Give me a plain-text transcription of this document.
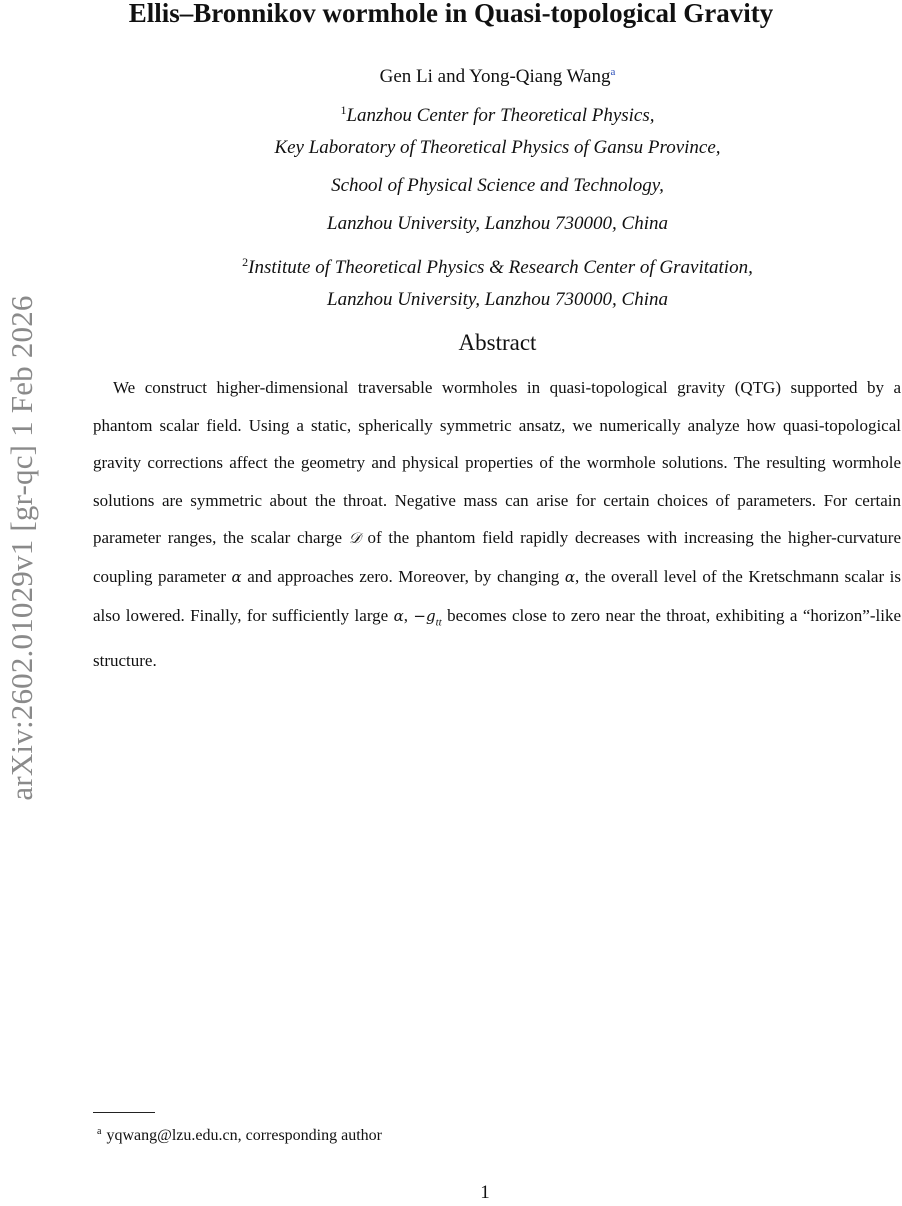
arXiv:2602.01029v1 [gr-qc] 1 Feb 2026
Ellis–Bronnikov wormhole in Quasi-topological Gravity
Gen Li and Yong-Qiang Wang$^a$
$^1$Lanzhou Center for Theoretical Physics,
Key Laboratory of Theoretical Physics of Gansu Province,
School of Physical Science and Technology,
Lanzhou University, Lanzhou 730000, China
$^2$Institute of Theoretical Physics & Research Center of Gravitation,
Lanzhou University, Lanzhou 730000, China
Abstract
We construct higher-dimensional traversable wormholes in quasi-topological gravity (QTG) supported by a phantom scalar field. Using a static, spherically symmetric ansatz, we numerically analyze how quasi-topological gravity corrections affect the geometry and physical properties of the wormhole solutions. The resulting wormhole solutions are symmetric about the throat. Negative mass can arise for certain choices of parameters. For certain parameter ranges, the scalar charge 𝒟 of the phantom field rapidly decreases with increasing the higher-curvature coupling parameter α and approaches zero. Moreover, by changing α, the overall level of the Kretschmann scalar is also lowered. Finally, for sufficiently large α, $-g_{tt}$ becomes close to zero near the throat, exhibiting a “horizon”-like structure.
$^a$ yqwang@lzu.edu.cn, corresponding author
1
